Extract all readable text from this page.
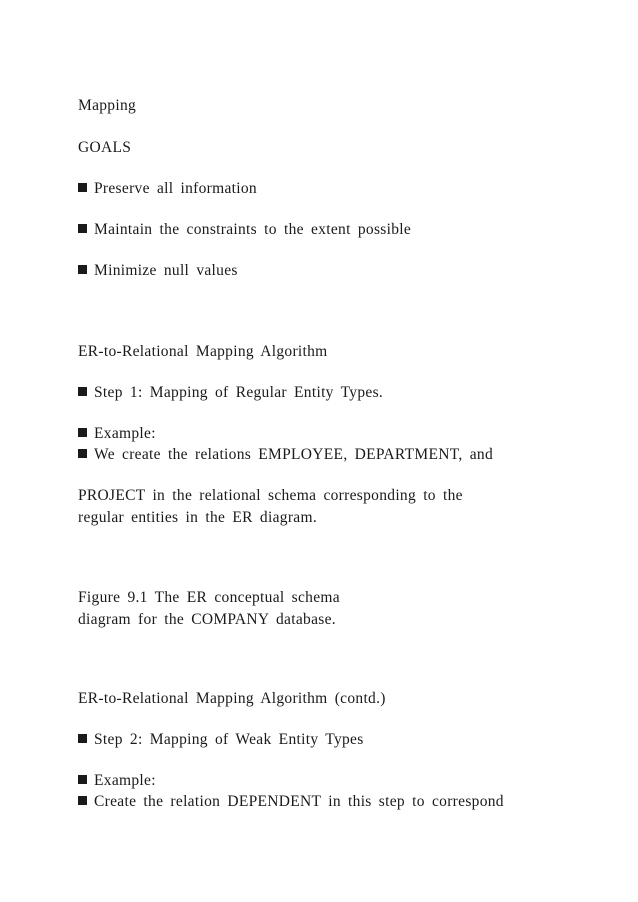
Mapping
GOALS
Preserve all information
Maintain the constraints to the extent possible
Minimize null values
ER-to-Relational Mapping Algorithm
Step 1: Mapping of Regular Entity Types.
Example:
We create the relations EMPLOYEE, DEPARTMENT, and
PROJECT in the relational schema corresponding to the
regular entities in the ER diagram.
Figure 9.1 The ER conceptual schema
diagram for the COMPANY database.
ER-to-Relational Mapping Algorithm (contd.)
Step 2: Mapping of Weak Entity Types
Example:
Create the relation DEPENDENT in this step to correspond
